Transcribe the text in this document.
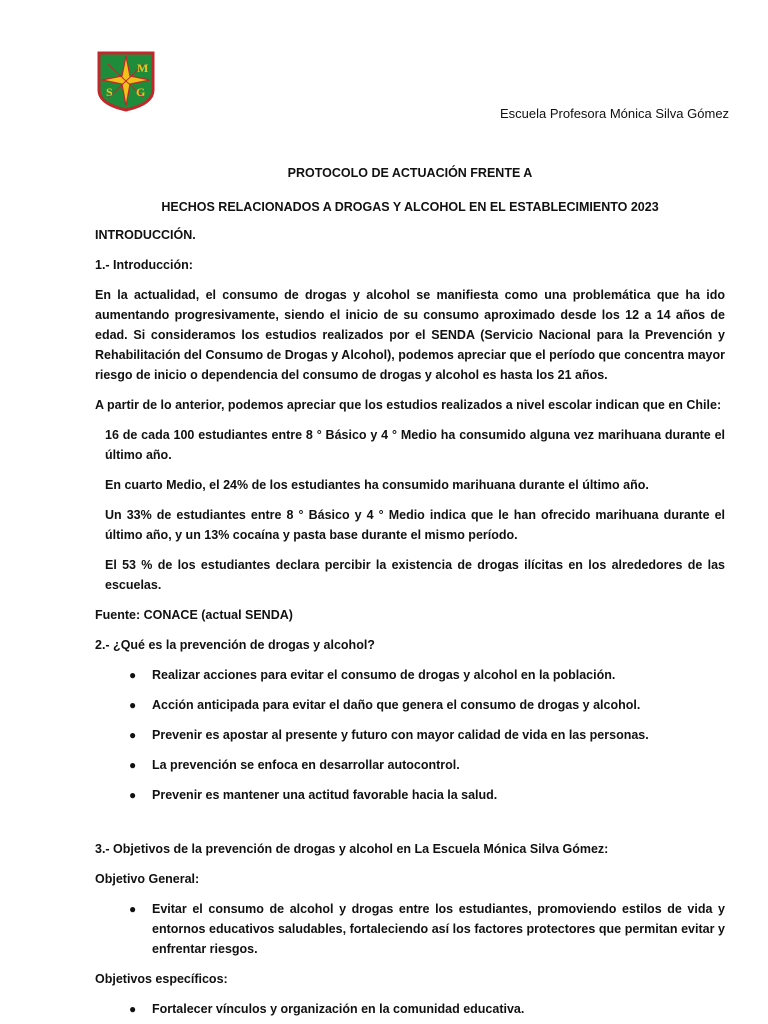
M
S G
Escuela Profesora Mónica Silva Gómez

PROTOCOLO DE ACTUACIÓN FRENTE A

HECHOS RELACIONADOS A DROGAS Y ALCOHOL EN EL ESTABLECIMIENTO 2023

INTRODUCCIÓN.

1.- Introducción:

En la actualidad, el consumo de drogas y alcohol se manifiesta como una problemática que ha ido aumentando progresivamente, siendo el inicio de su consumo aproximado desde los 12 a 14 años de edad. Si consideramos los estudios realizados por el SENDA (Servicio Nacional para la Prevención y Rehabilitación del Consumo de Drogas y Alcohol), podemos apreciar que el período que concentra mayor riesgo de inicio o dependencia del consumo de drogas y alcohol es hasta los 21 años.

A partir de lo anterior, podemos apreciar que los estudios realizados a nivel escolar indican que en Chile:

16 de cada 100 estudiantes entre 8 ° Básico y 4 ° Medio ha consumido alguna vez marihuana durante el último año.

En cuarto Medio, el 24% de los estudiantes ha consumido marihuana durante el último año.

Un 33% de estudiantes entre 8 ° Básico y 4 ° Medio indica que le han ofrecido marihuana durante el último año, y un 13% cocaína y pasta base durante el mismo período.

El 53 % de los estudiantes declara percibir la existencia de drogas ilícitas en los alrededores de las escuelas.

Fuente: CONACE (actual SENDA)

2.- ¿Qué es la prevención de drogas y alcohol?

● Realizar acciones para evitar el consumo de drogas y alcohol en la población.
● Acción anticipada para evitar el daño que genera el consumo de drogas y alcohol.
● Prevenir es apostar al presente y futuro con mayor calidad de vida en las personas.
● La prevención se enfoca en desarrollar autocontrol.
● Prevenir es mantener una actitud favorable hacia la salud.

3.- Objetivos de la prevención de drogas y alcohol en La Escuela Mónica Silva Gómez:

Objetivo General:

● Evitar el consumo de alcohol y drogas entre los estudiantes, promoviendo estilos de vida y entornos educativos saludables, fortaleciendo así los factores protectores que permitan evitar y enfrentar riesgos.

Objetivos específicos:

● Fortalecer vínculos y organización en la comunidad educativa.
